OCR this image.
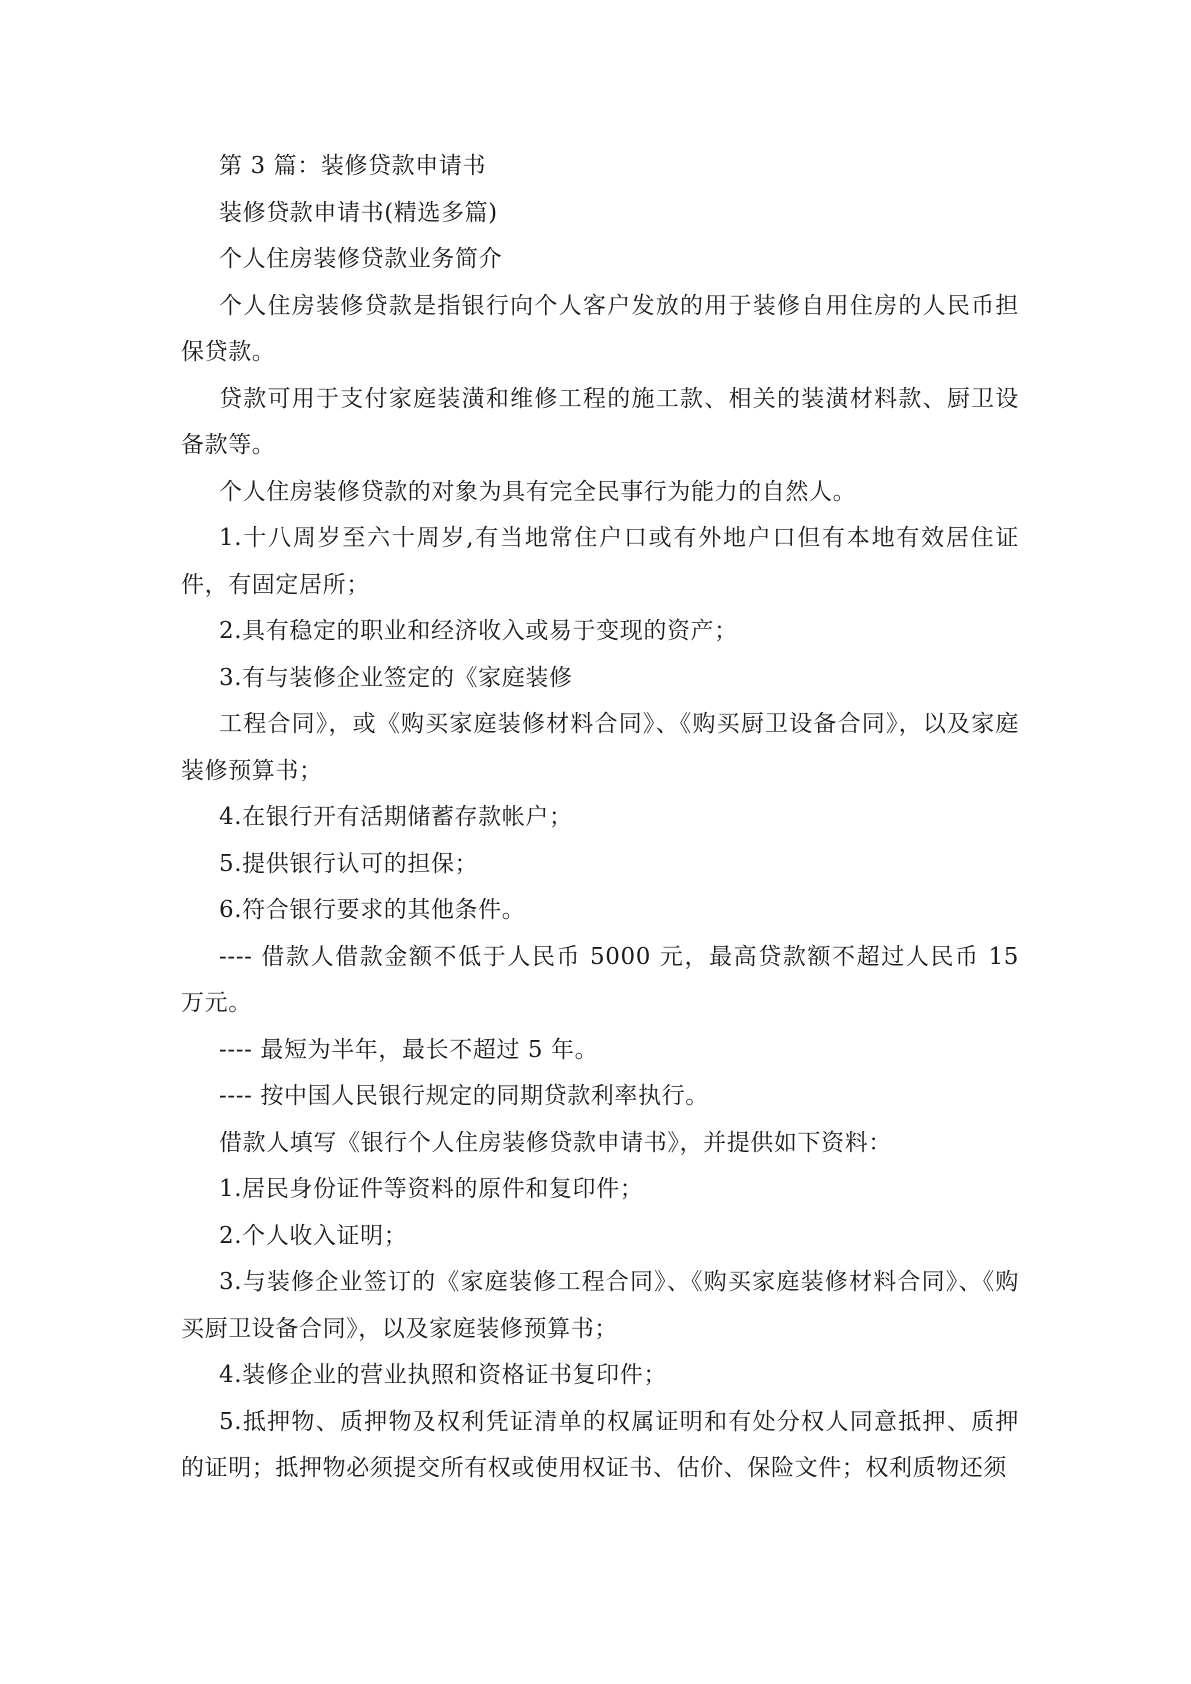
第 3 篇：装修贷款申请书

装修贷款申请书(精选多篇)

个人住房装修贷款业务简介

个人住房装修贷款是指银行向个人客户发放的用于装修自用住房的人民币担保贷款。

贷款可用于支付家庭装潢和维修工程的施工款、相关的装潢材料款、厨卫设备款等。

个人住房装修贷款的对象为具有完全民事行为能力的自然人。

1.十八周岁至六十周岁,有当地常住户口或有外地户口但有本地有效居住证件，有固定居所；

2.具有稳定的职业和经济收入或易于变现的资产；

3.有与装修企业签定的《家庭装修

工程合同》，或《购买家庭装修材料合同》、《购买厨卫设备合同》，以及家庭装修预算书；

4.在银行开有活期储蓄存款帐户；

5.提供银行认可的担保；

6.符合银行要求的其他条件。

---- 借款人借款金额不低于人民币 5000 元，最高贷款额不超过人民币 15 万元。

---- 最短为半年，最长不超过 5 年。

---- 按中国人民银行规定的同期贷款利率执行。

借款人填写《银行个人住房装修贷款申请书》，并提供如下资料：

1.居民身份证件等资料的原件和复印件；

2.个人收入证明；

3.与装修企业签订的《家庭装修工程合同》、《购买家庭装修材料合同》、《购买厨卫设备合同》，以及家庭装修预算书；

4.装修企业的营业执照和资格证书复印件；

5.抵押物、质押物及权利凭证清单的权属证明和有处分权人同意抵押、质押的证明；抵押物必须提交所有权或使用权证书、估价、保险文件；权利质物还须
